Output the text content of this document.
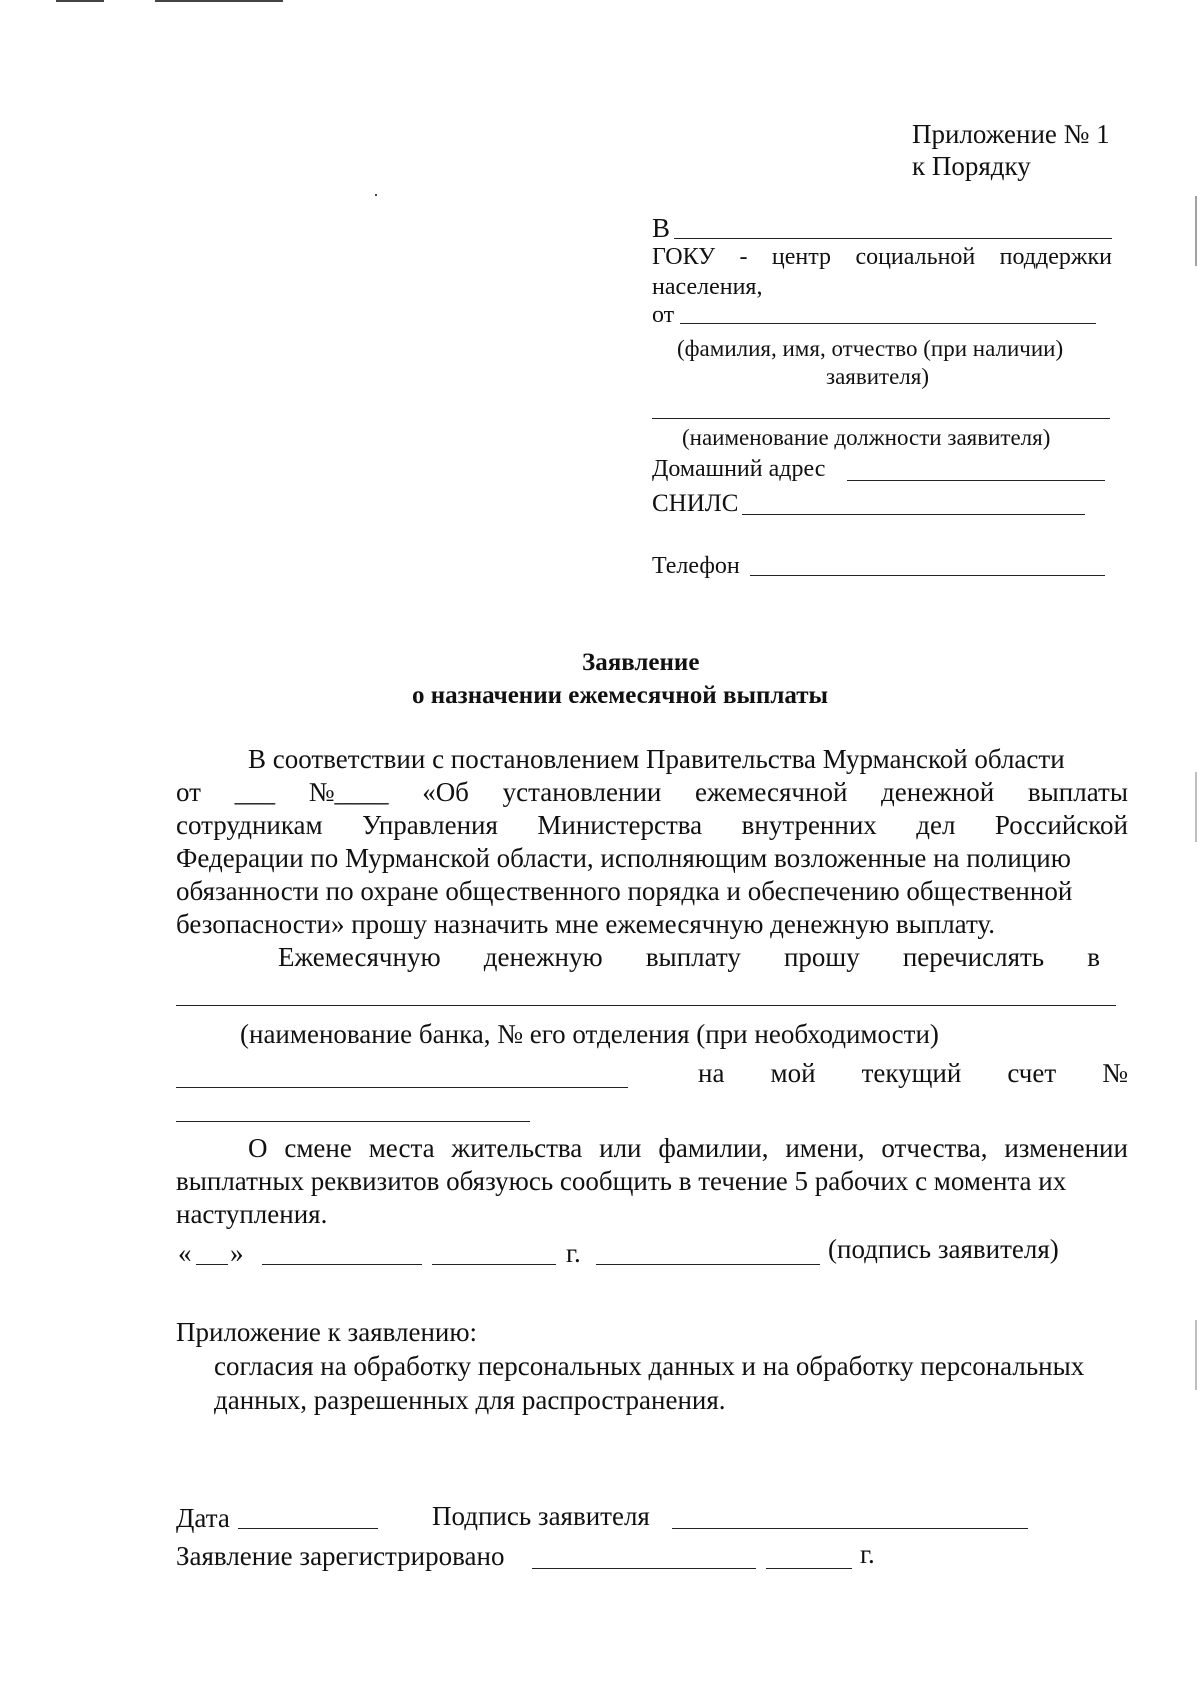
Приложение № 1
к Порядку
В
ГОКУ - центр социальной поддержки
населения,
от
(фамилия, имя, отчество (при наличии)
заявителя)
(наименование должности заявителя)
Домашний адрес
СНИЛС
Телефон
Заявление
о назначении ежемесячной выплаты
В соответствии с постановлением Правительства Мурманской области
от ___ №____ «Об установлении ежемесячной денежной выплаты
сотрудникам Управления Министерства внутренних дел Российской
Федерации по Мурманской области, исполняющим возложенные на полицию
обязанности по охране общественного порядка и обеспечению общественной
безопасности» прошу назначить мне ежемесячную денежную выплату.
Ежемесячную денежную выплату прошу перечислять в
(наименование банка, № его отделения (при необходимости)
на мой текущий счет №
О смене места жительства или фамилии, имени, отчества, изменении
выплатных реквизитов обязуюсь сообщить в течение 5 рабочих с момента их
наступления.
« »	г.	(подпись заявителя)
Приложение к заявлению:
согласия на обработку персональных данных и на обработку персональных
данных, разрешенных для распространения.
Дата	Подпись заявителя
Заявление зарегистрировано	г.
